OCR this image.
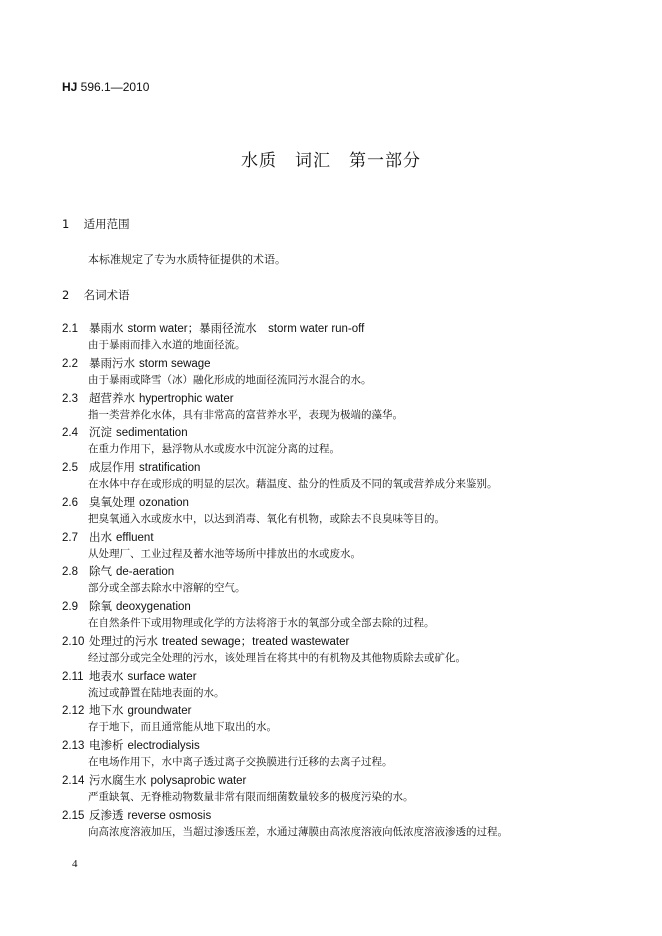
HJ 596.1—2010
水质　词汇　第一部分
1 适用范围
本标准规定了专为水质特征提供的术语。
2 名词术语
2.1 暴雨水 storm water；暴雨径流水　storm water run-off
由于暴雨而排入水道的地面径流。
2.2 暴雨污水 storm sewage
由于暴雨或降雪（冰）融化形成的地面径流同污水混合的水。
2.3 超营养水 hypertrophic water
指一类营养化水体，具有非常高的富营养水平，表现为极端的藻华。
2.4 沉淀 sedimentation
在重力作用下，悬浮物从水或废水中沉淀分离的过程。
2.5 成层作用 stratification
在水体中存在或形成的明显的层次。藉温度、盐分的性质及不同的氧或营养成分来鉴别。
2.6 臭氧处理 ozonation
把臭氧通入水或废水中，以达到消毒、氧化有机物，或除去不良臭味等目的。
2.7 出水 effluent
从处理厂、工业过程及蓄水池等场所中排放出的水或废水。
2.8 除气 de-aeration
部分或全部去除水中溶解的空气。
2.9 除氧 deoxygenation
在自然条件下或用物理或化学的方法将溶于水的氧部分或全部去除的过程。
2.10 处理过的污水 treated sewage；treated wastewater
经过部分或完全处理的污水，该处理旨在将其中的有机物及其他物质除去或矿化。
2.11 地表水 surface water
流过或静置在陆地表面的水。
2.12 地下水 groundwater
存于地下，而且通常能从地下取出的水。
2.13 电渗析 electrodialysis
在电场作用下，水中离子透过离子交换膜进行迁移的去离子过程。
2.14 污水腐生水 polysaprobic water
严重缺氧、无脊椎动物数量非常有限而细菌数量较多的极度污染的水。
2.15 反渗透 reverse osmosis
向高浓度溶液加压，当超过渗透压差，水通过薄膜由高浓度溶液向低浓度溶液渗透的过程。
4
